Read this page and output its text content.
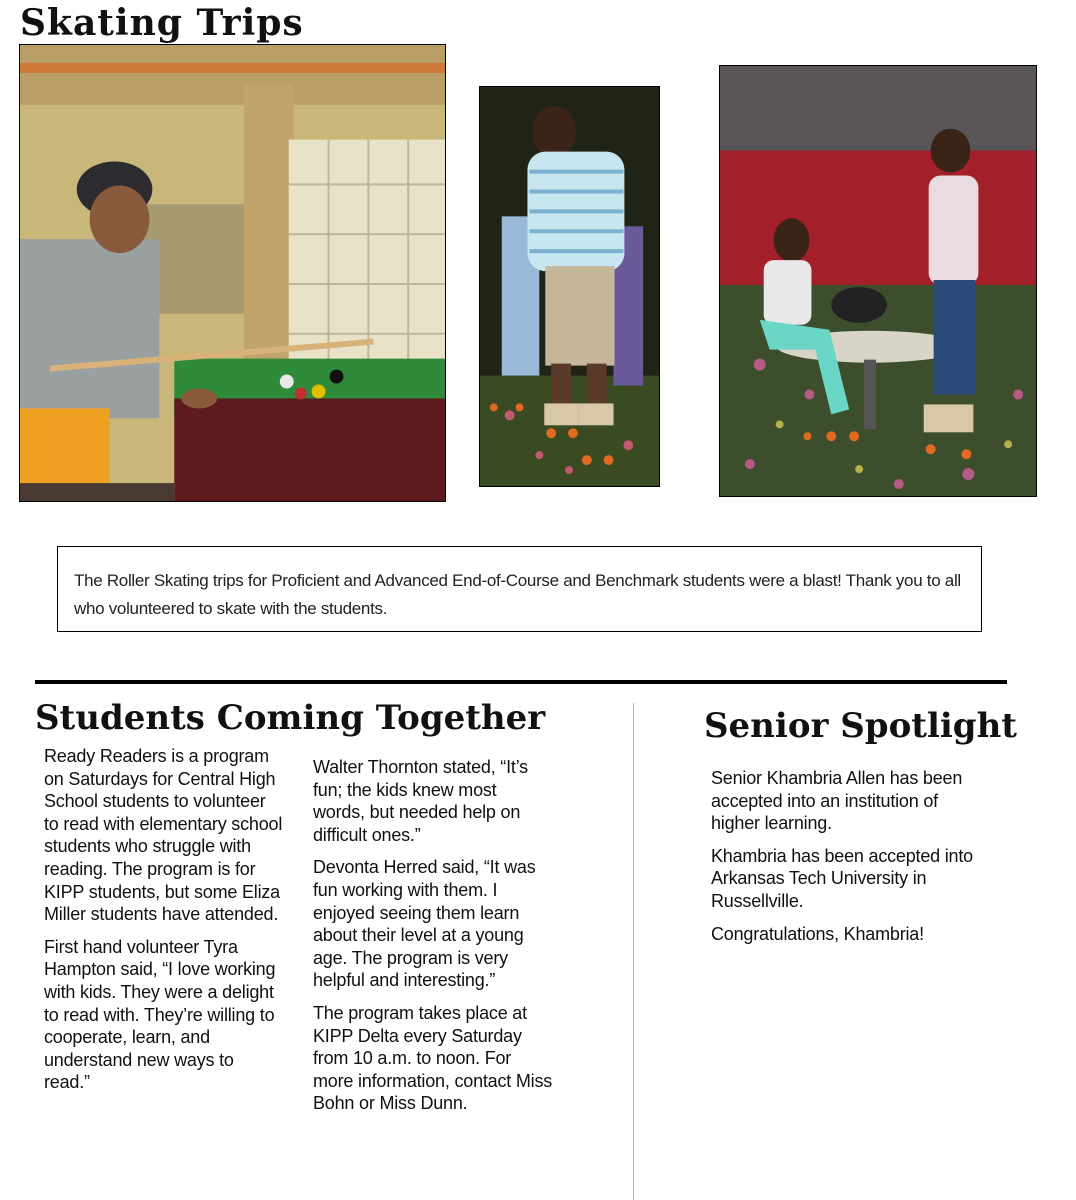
Skating Trips
The Roller Skating trips for Proficient and Advanced End-of-Course and Benchmark students were a blast! Thank you to all who volunteered to skate with the students.
Students Coming Together

Ready Readers is a program on Saturdays for Central High School students to volunteer to read with elementary school students who struggle with reading. The program is for KIPP students, but some Eliza Miller students have attended.

First hand volunteer Tyra Hampton said, “I love working with kids. They were a delight to read with. They’re willing to cooperate, learn, and understand new ways to read.”

Walter Thornton stated, “It’s fun; the kids knew most words, but needed help on difficult ones.”

Devonta Herred said, “It was fun working with them. I enjoyed seeing them learn about their level at a young age. The program is very helpful and interesting.”

The program takes place at KIPP Delta every Saturday from 10 a.m. to noon. For more information, contact Miss Bohn or Miss Dunn.

Senior Spotlight

Senior Khambria Allen has been accepted into an institution of higher learning.

Khambria has been accepted into Arkansas Tech University in Russellville.

Congratulations, Khambria!
